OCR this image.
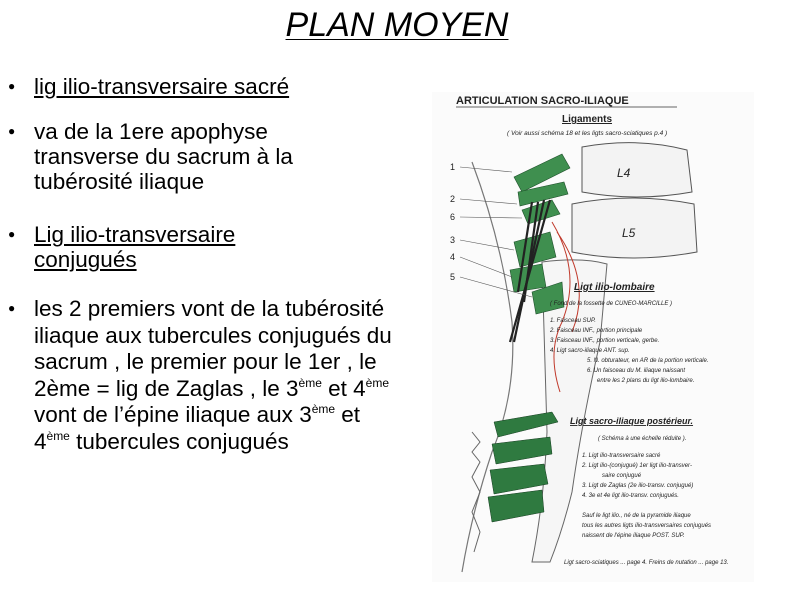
PLAN MOYEN
● lig ilio-transversaire sacré
● va de la 1ere apophyse transverse du sacrum à la tubérosité iliaque
● Lig ilio-transversaire conjugués
● les 2 premiers vont de la tubérosité iliaque aux tubercules conjugués du sacrum , le premier pour le 1er , le 2ème = lig de Zaglas , le 3ème et 4ème vont de l’épine iliaque aux 3ème et 4ème tubercules conjugués
ARTICULATION SACRO-ILIAQUE
Ligaments
( Voir aussi schéma 18 et les ligts sacro-sciatiques p.4 )
L4
L5
1
2
6
3
4
5
Ligt ilio-lombaire
( Fond de la fossette de CUNEO-MARCILLE )
1. Faisceau SUP.
2. Faisceau INF., portion principale
3. Faisceau INF., portion verticale, gerbe.
4. Ligt sacro-iliaque ANT. sup.
5. N. obturateur, en AR de la portion verticale.
6. Un faisceau du M. iliaque naissant
entre les 2 plans du ligt ilio-lombaire.
Ligt sacro-iliaque postérieur.
( Schéma à une échelle réduite ).
1. Ligt ilio-transversaire sacré
2. Ligt ilio-(conjugué) 1er ligt ilio-transver-
saire conjugué
3. Ligt de Zaglas (2e ilio-transv. conjugué)
4. 3e et 4e ligt ilio-transv. conjugués.
Sauf le ligt ilio., né de la pyramide iliaque
tous les autres ligts ilio-transversaires conjugués
naissent de l'épine iliaque POST. SUP.
Ligt sacro-sciatiques ... page 4. Freins de nutation ... page 13.
